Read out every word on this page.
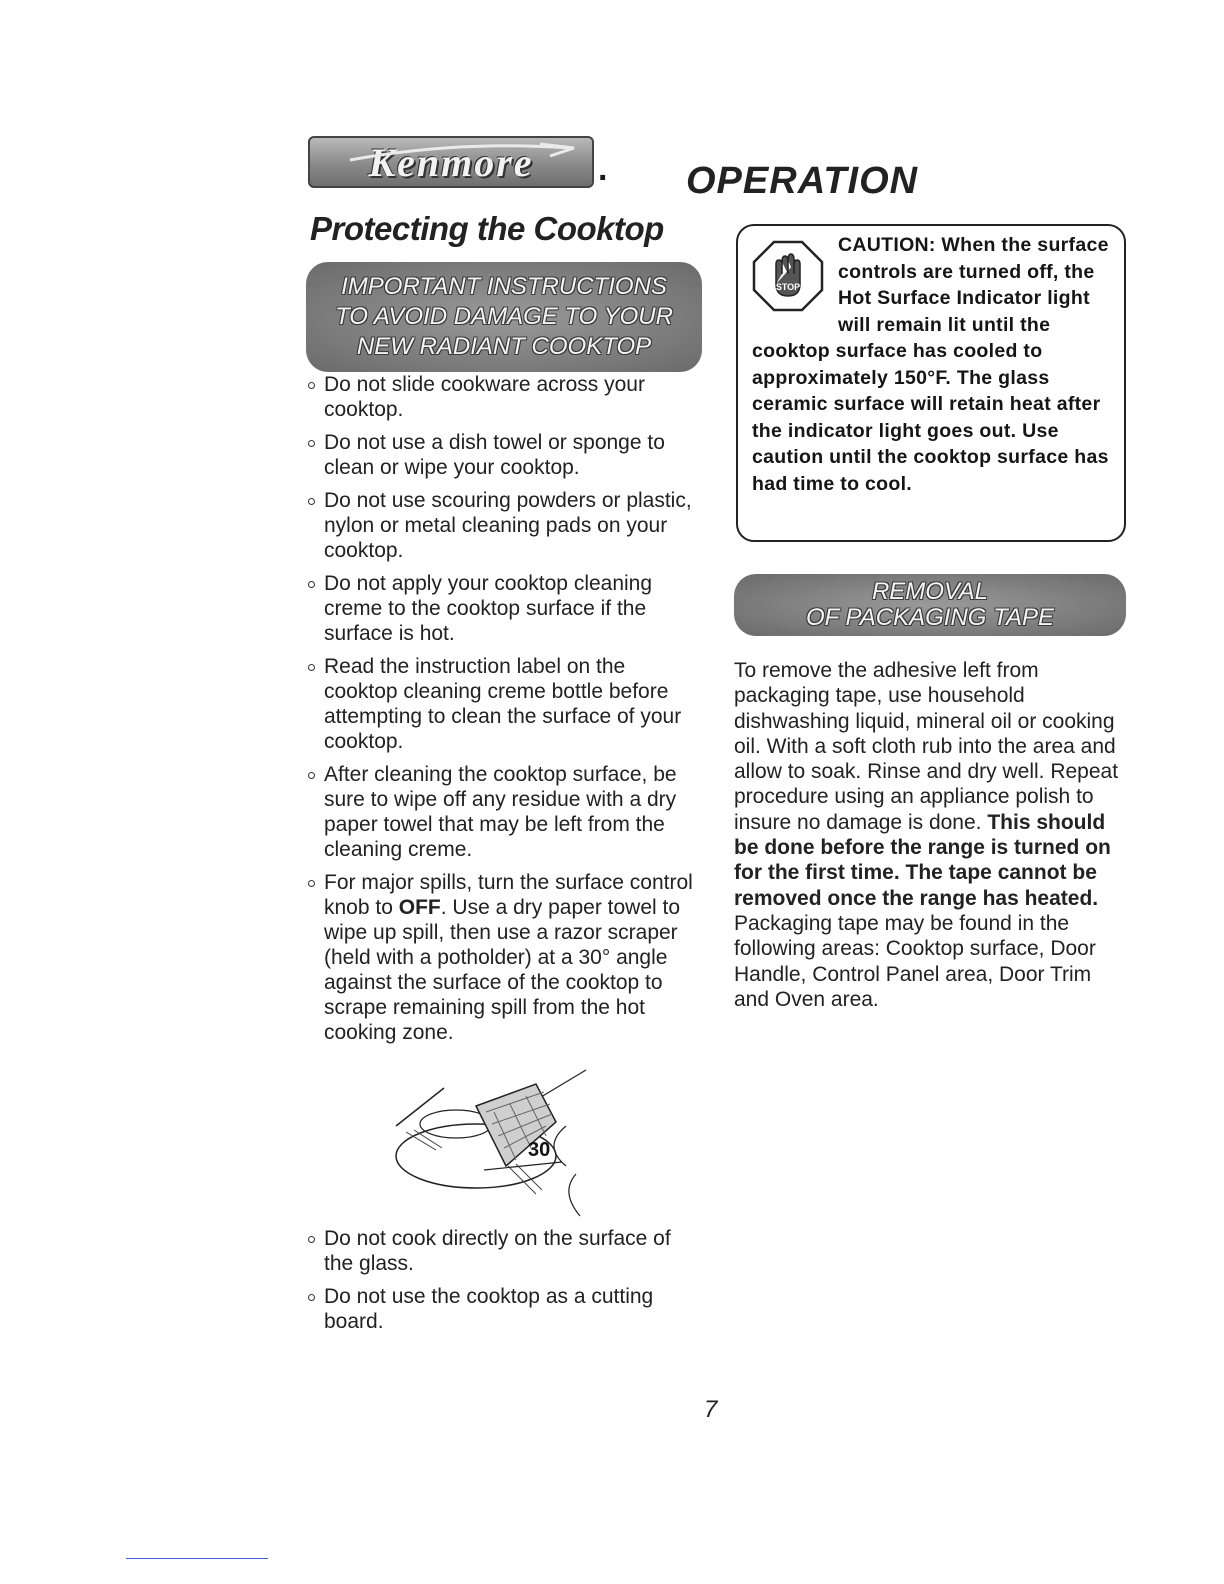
Kenmore . OPERATION
Protecting the Cooktop
IMPORTANT INSTRUCTIONS
TO AVOID DAMAGE TO YOUR
NEW RADIANT COOKTOP
Do not slide cookware across your cooktop.
Do not use a dish towel or sponge to clean or wipe your cooktop.
Do not use scouring powders or plastic, nylon or metal cleaning pads on your cooktop.
Do not apply your cooktop cleaning creme to the cooktop surface if the surface is hot.
Read the instruction label on the cooktop cleaning creme bottle before attempting to clean the surface of your cooktop.
After cleaning the cooktop surface, be sure to wipe off any residue with a dry paper towel that may be left from the cleaning creme.
For major spills, turn the surface control knob to OFF. Use a dry paper towel to wipe up spill, then use a razor scraper (held with a potholder) at a 30° angle against the surface of the cooktop to scrape remaining spill from the hot cooking zone.
30
Do not cook directly on the surface of the glass.
Do not use the cooktop as a cutting board.
STOP
CAUTION: When the surface controls are turned off, the Hot Surface Indicator light will remain lit until the cooktop surface has cooled to approximately 150°F. The glass ceramic surface will retain heat after the indicator light goes out. Use caution until the cooktop surface has had time to cool.
REMOVAL
OF PACKAGING TAPE
To remove the adhesive left from packaging tape, use household dishwashing liquid, mineral oil or cooking oil. With a soft cloth rub into the area and allow to soak. Rinse and dry well. Repeat procedure using an appliance polish to insure no damage is done. This should be done before the range is turned on for the first time. The tape cannot be removed once the range has heated. Packaging tape may be found in the following areas: Cooktop surface, Door Handle, Control Panel area, Door Trim and Oven area.
7
